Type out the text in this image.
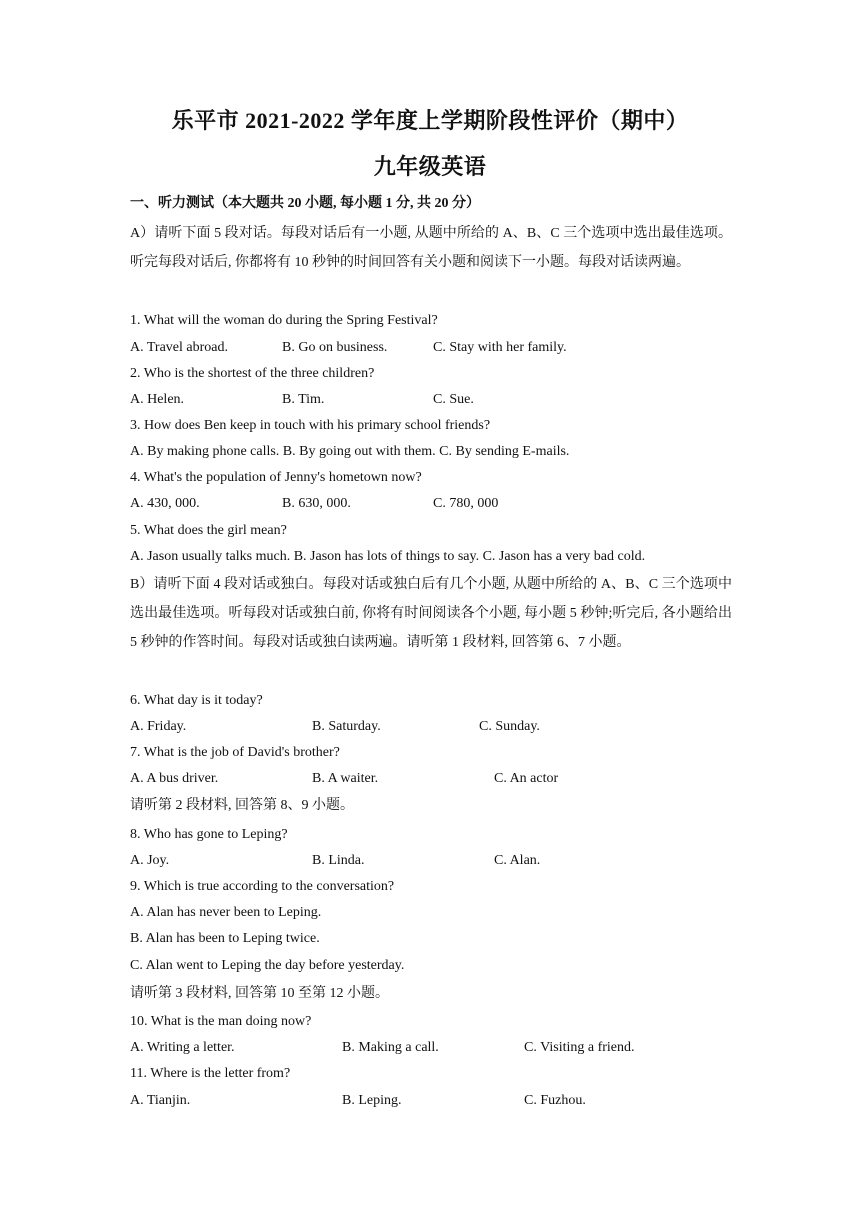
乐平市 2021-2022 学年度上学期阶段性评价（期中）
九年级英语
一、听力测试（本大题共 20 小题, 每小题 1 分, 共 20 分）
A）请听下面 5 段对话。每段对话后有一小题, 从题中所给的 A、B、C 三个选项中选出最佳选项。听完每段对话后, 你都将有 10 秒钟的时间回答有关小题和阅读下一小题。每段对话读两遍。
1. What will the woman do during the Spring Festival?
A. Travel abroad.	B. Go on business.	C. Stay with her family.
2. Who is the shortest of the three children?
A. Helen.	B. Tim.	C. Sue.
3. How does Ben keep in touch with his primary school friends?
A. By making phone calls. B. By going out with them. C. By sending E-mails.
4. What's the population of Jenny's hometown now?
A. 430, 000.	B. 630, 000.	C. 780, 000
5. What does the girl mean?
A. Jason usually talks much. B. Jason has lots of things to say. C. Jason has a very bad cold.
B）请听下面 4 段对话或独白。每段对话或独白后有几个小题, 从题中所给的 A、B、C 三个选项中选出最佳选项。听每段对话或独白前, 你将有时间阅读各个小题, 每小题 5 秒钟;听完后, 各小题给出 5 秒钟的作答时间。每段对话或独白读两遍。请听第 1 段材料, 回答第 6、7 小题。
6. What day is it today?
A. Friday.	B. Saturday.	C. Sunday.
7. What is the job of David's brother?
A. A bus driver.	B. A waiter.	C. An actor
请听第 2 段材料, 回答第 8、9 小题。
8. Who has gone to Leping?
A. Joy.	B. Linda.	C. Alan.
9. Which is true according to the conversation?
A. Alan has never been to Leping.
B. Alan has been to Leping twice.
C. Alan went to Leping the day before yesterday.
请听第 3 段材料, 回答第 10 至第 12 小题。
10. What is the man doing now?
A. Writing a letter.	B. Making a call.	C. Visiting a friend.
11. Where is the letter from?
A. Tianjin.	B. Leping.	C. Fuzhou.
